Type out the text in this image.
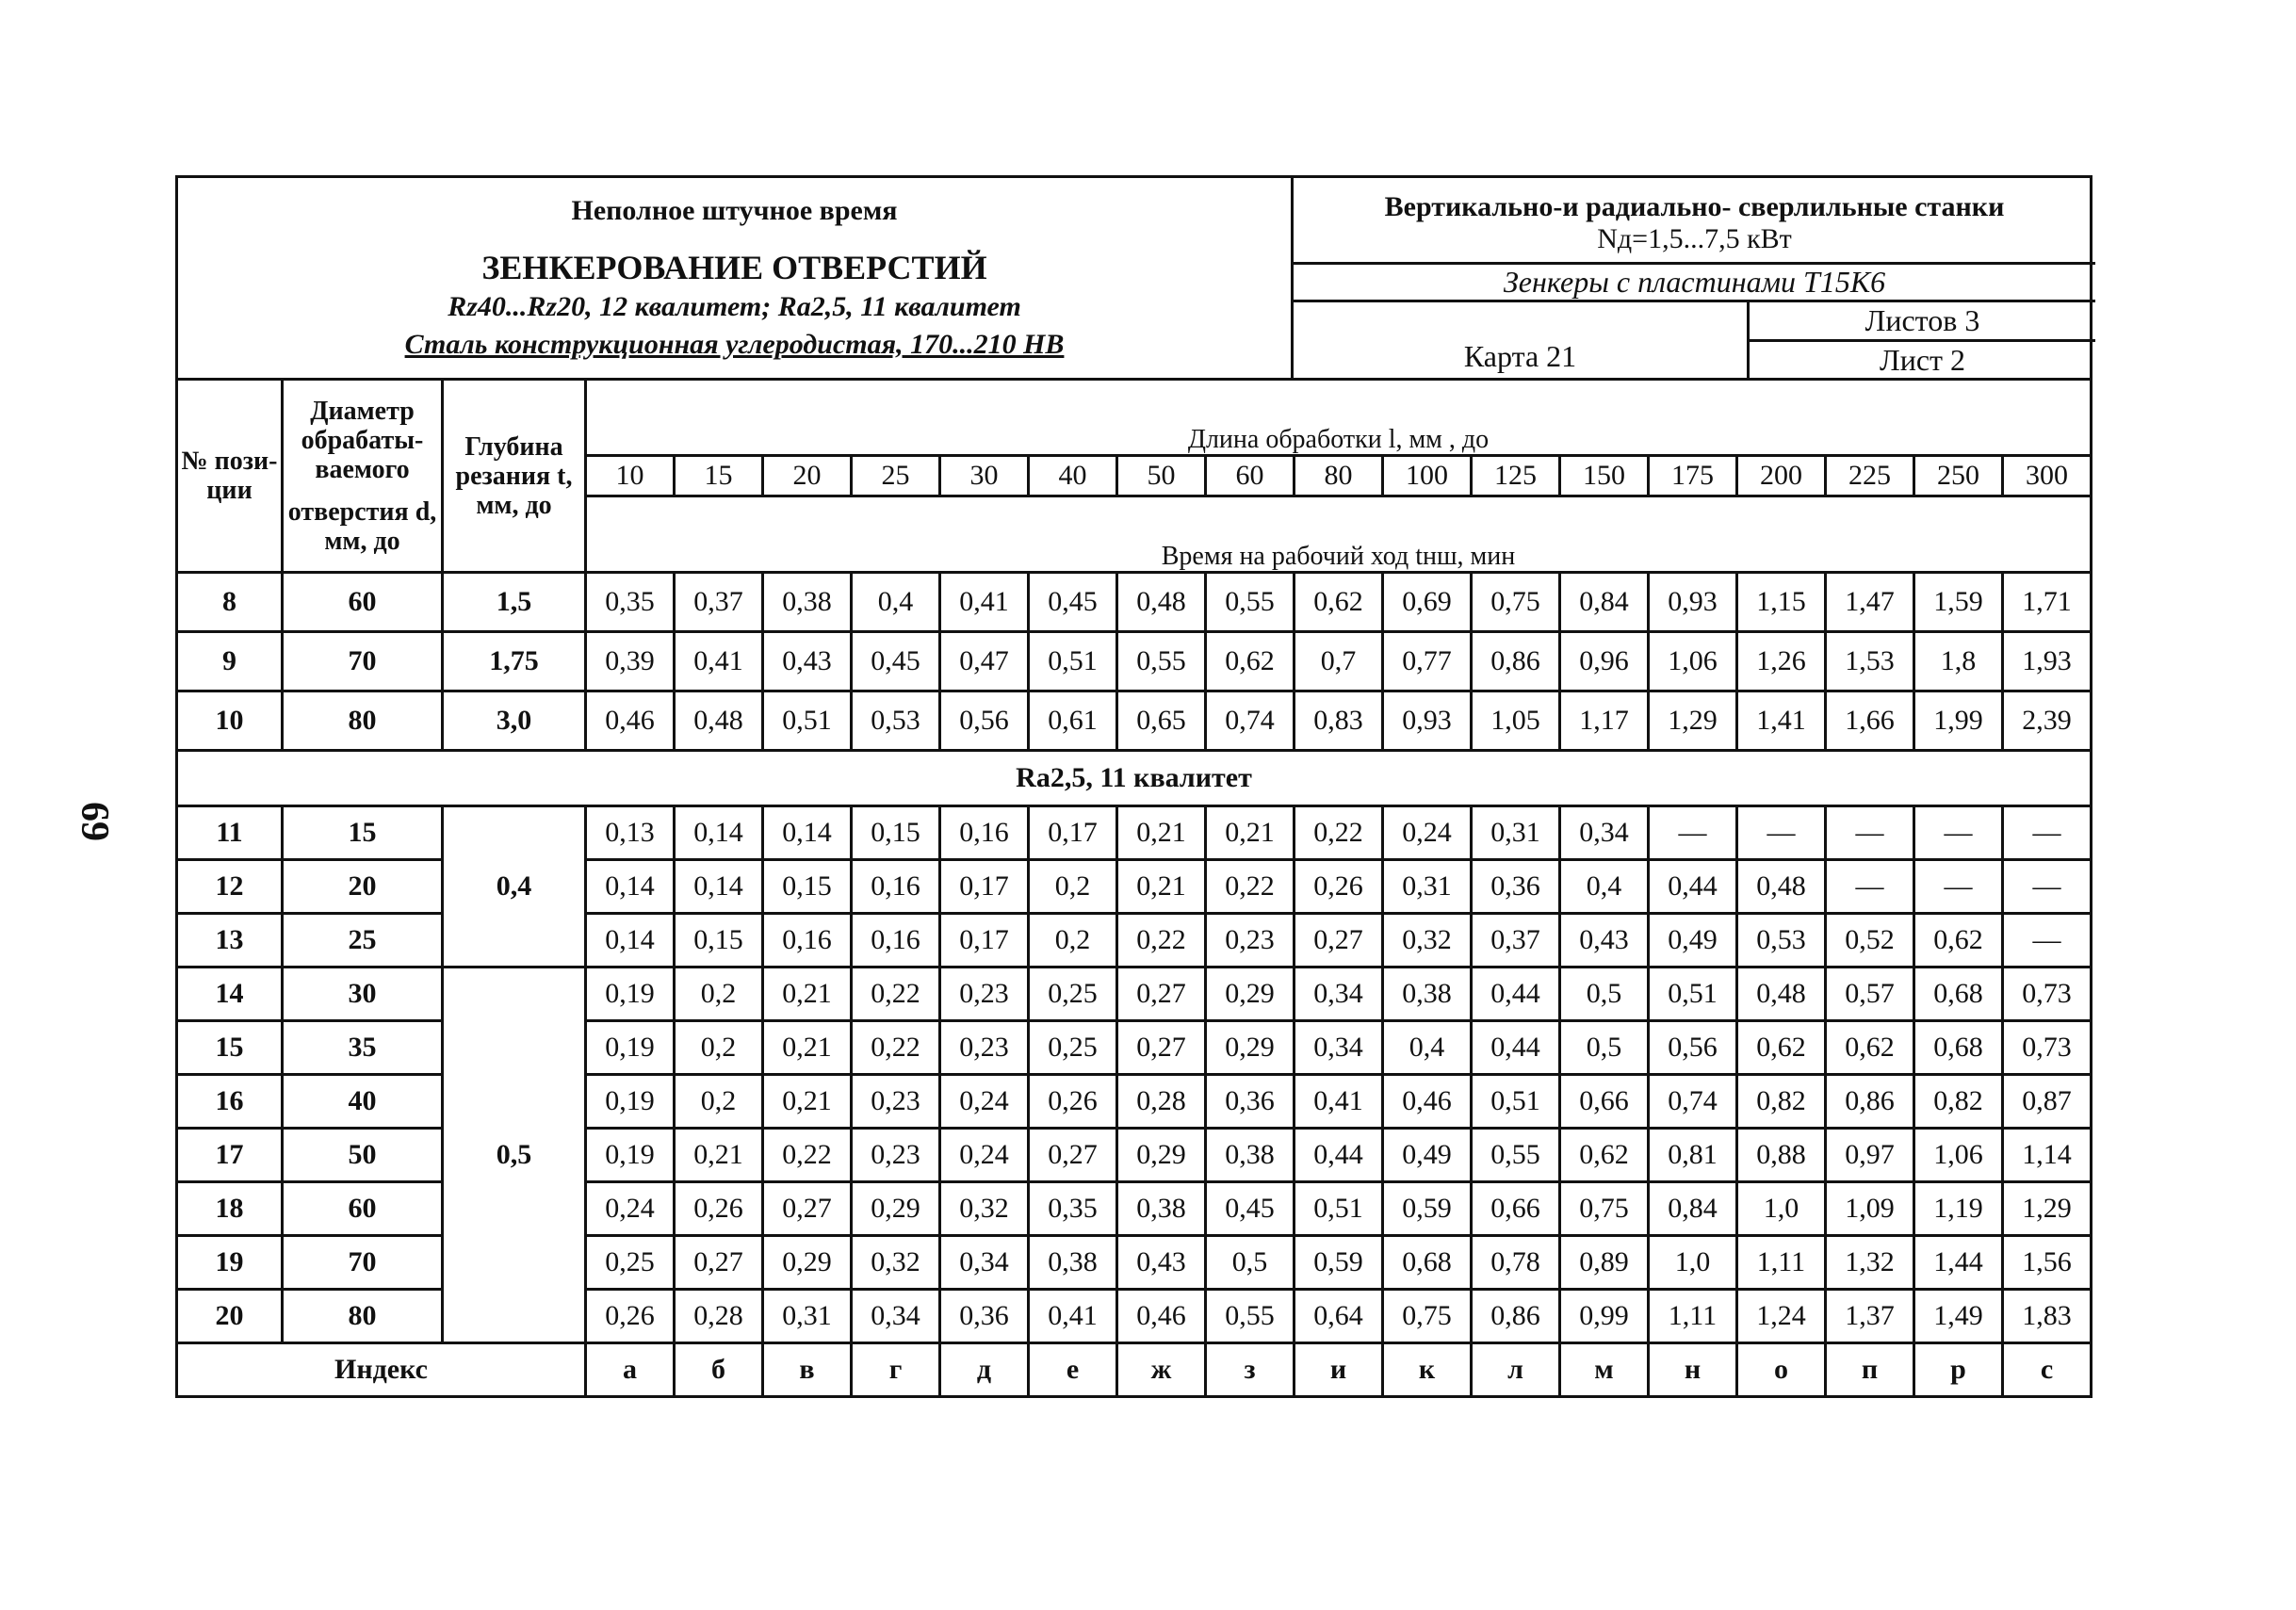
69
Неполное штучное время
ЗЕНКЕРОВАНИЕ ОТВЕРСТИЙ
Rz40...Rz20, 12 квалитет; Ra2,5, 11 квалитет
Сталь конструкционная углеродистая, 170...210 НВ
Вертикально-и радиально- сверлильные станки
Nд=1,5...7,5 кВт
Зенкеры с пластинами Т15К6
Карта 21
Листов 3
Лист 2
№ пози-ции	Диаметр обрабаты-ваемого
отверстия d, мм, до	Глубина резания t, мм, до	Длина обработки l, мм , до																
			10	15	20	25	30	40	50	60	80	100	125	150	175	200	225	250	300
			Время на рабочий ход tнш, мин																

8	60	1,5	0,35	0,37	0,38	0,4	0,41	0,45	0,48	0,55	0,62	0,69	0,75	0,84	0,93	1,15	1,47	1,59	1,71
9	70	1,75	0,39	0,41	0,43	0,45	0,47	0,51	0,55	0,62	0,7	0,77	0,86	0,96	1,06	1,26	1,53	1,8	1,93
10	80	3,0	0,46	0,48	0,51	0,53	0,56	0,61	0,65	0,74	0,83	0,93	1,05	1,17	1,29	1,41	1,66	1,99	2,39
Ra2,5, 11 квалитет																			
11	15	0,4	0,13	0,14	0,14	0,15	0,16	0,17	0,21	0,21	0,22	0,24	0,31	0,34	—	—	—	—	—
12	20		0,14	0,14	0,15	0,16	0,17	0,2	0,21	0,22	0,26	0,31	0,36	0,4	0,44	0,48	—	—	—
13	25		0,14	0,15	0,16	0,16	0,17	0,2	0,22	0,23	0,27	0,32	0,37	0,43	0,49	0,53	0,52	0,62	—
14	30	0,5	0,19	0,2	0,21	0,22	0,23	0,25	0,27	0,29	0,34	0,38	0,44	0,5	0,51	0,48	0,57	0,68	0,73
15	35		0,19	0,2	0,21	0,22	0,23	0,25	0,27	0,29	0,34	0,4	0,44	0,5	0,56	0,62	0,62	0,68	0,73
16	40		0,19	0,2	0,21	0,23	0,24	0,26	0,28	0,36	0,41	0,46	0,51	0,66	0,74	0,82	0,86	0,82	0,87
17	50		0,19	0,21	0,22	0,23	0,24	0,27	0,29	0,38	0,44	0,49	0,55	0,62	0,81	0,88	0,97	1,06	1,14
18	60		0,24	0,26	0,27	0,29	0,32	0,35	0,38	0,45	0,51	0,59	0,66	0,75	0,84	1,0	1,09	1,19	1,29
19	70		0,25	0,27	0,29	0,32	0,34	0,38	0,43	0,5	0,59	0,68	0,78	0,89	1,0	1,11	1,32	1,44	1,56
20	80		0,26	0,28	0,31	0,34	0,36	0,41	0,46	0,55	0,64	0,75	0,86	0,99	1,11	1,24	1,37	1,49	1,83
Индекс			а	б	в	г	д	е	ж	з	и	к	л	м	н	о	п	р	с
